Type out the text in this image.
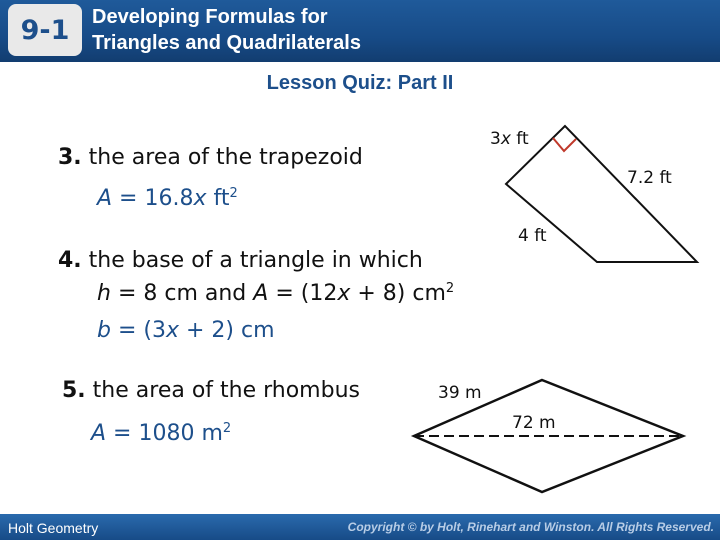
9-1	Developing Formulas for
Triangles and Quadrilaterals
Lesson Quiz: Part II
3. the area of the trapezoid
A = 16.8x $ft^2$
4. the base of a triangle in which
h = 8 cm and A = (12x + 8) $cm^2$
b = (3x + 2) cm
5. the area of the rhombus
A = 1080 $m^2$
3x ft
7.2 ft
4 ft
39 m
72 m
Holt Geometry	Copyright © by Holt, Rinehart and Winston. All Rights Reserved.
